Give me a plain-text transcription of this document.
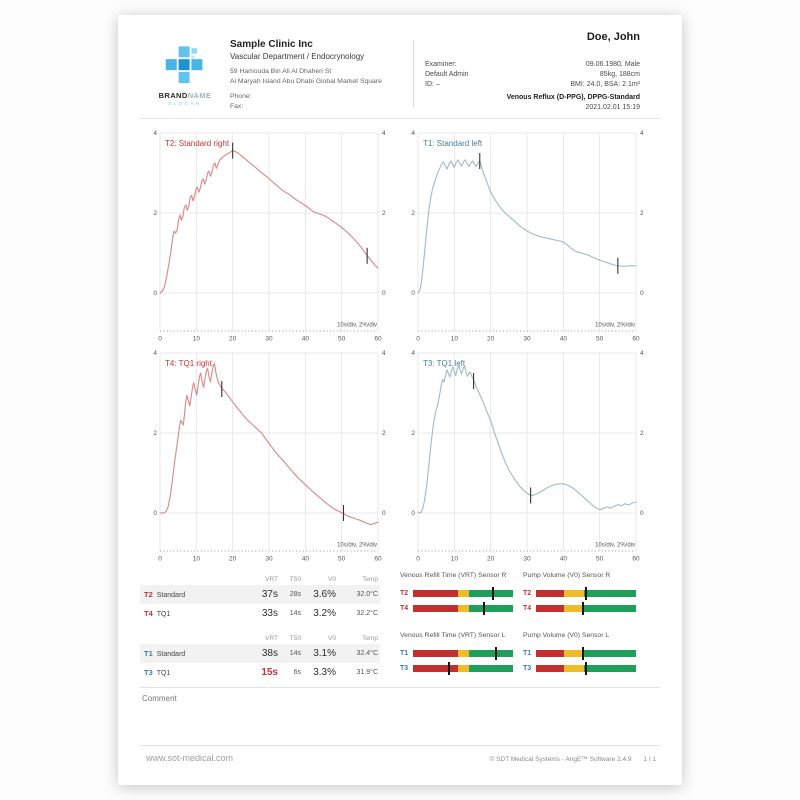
BRANDNAME
SLOGAN
Sample Clinic Inc
Vascular Department / Endocrynology
59 Hamouda Bin Ali Al Dhaheri St
Al Maryah Island Abu Dhabi Global Market Square
Phone:
Fax:
Doe, John
Examiner:
Default Admin
ID: –
09.06.1980, Male
85kg, 188cm
BMI: 24.0, BSA: 2.1m²
Venous Reflux (D-PPG), DPPG-Standard
2021.02.01 15:19
0	0
2	2
4	4
0	10	20	30	40	50	60
10s/div, 2%/div
T2: Standard right
0	0
2	2
4	4
0	10	20	30	40	50	60
10s/div, 2%/div
T1: Standard left
0	0
2	2
4	4
0	10	20	30	40	50	60
10s/div, 2%/div
T4: TQ1 right
0	0
2	2
4	4
0	10	20	30	40	50	60
10s/div, 2%/div
T3: TQ1 left
VRT	T50	V0	Temp
T2 Standard	37s	28s	3.6%	32.0°C
T4 TQ1	33s	14s	3.2%	32.2°C
VRT	T50	V0	Temp
T1 Standard	38s	14s	3.1%	32.4°C
T3 TQ1	15s	6s	3.3%	31.9°C
Venous Refill Time (VRT) Sensor R
T2
T4
Pump Volume (V0) Sensor R
T2
T4
Venous Refill Time (VRT) Sensor L
T1
T3
Pump Volume (V0) Sensor L
T1
T3
Comment
www.sot-medical.com	© SDT Medical Systems - AngE™ Software 2.4.9 1 / 1
